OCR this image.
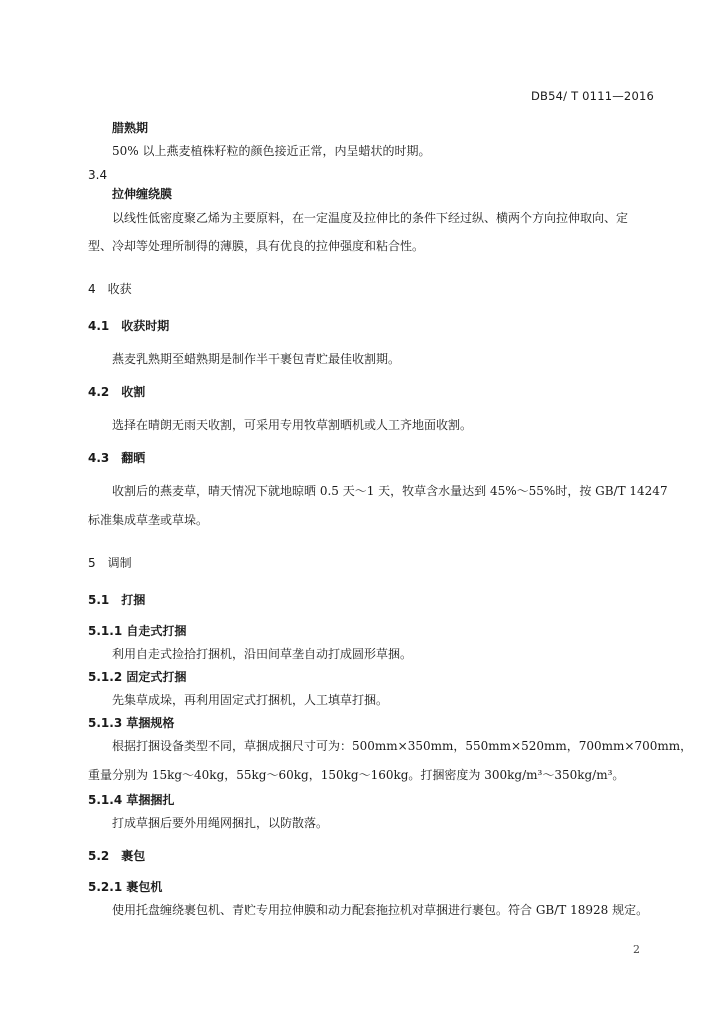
DB54/ T 0111—2016
腊熟期
50% 以上燕麦植株籽粒的颜色接近正常，内呈蜡状的时期。
3.4
拉伸缠绕膜
以线性低密度聚乙烯为主要原料，在一定温度及拉伸比的条件下经过纵、横两个方向拉伸取向、定
型、冷却等处理所制得的薄膜，具有优良的拉伸强度和粘合性。
4　收获
4.1　收获时期
燕麦乳熟期至蜡熟期是制作半干裹包青贮最佳收割期。
4.2　收割
选择在晴朗无雨天收割，可采用专用牧草割晒机或人工齐地面收割。
4.3　翻晒
收割后的燕麦草，晴天情况下就地晾晒 0.5 天～1 天，牧草含水量达到 45%～55%时，按 GB/T 14247
标准集成草垄或草垛。
5　调制
5.1　打捆
5.1.1 自走式打捆
利用自走式捡拾打捆机，沿田间草垄自动打成圆形草捆。
5.1.2 固定式打捆
先集草成垛，再利用固定式打捆机，人工填草打捆。
5.1.3 草捆规格
根据打捆设备类型不同，草捆成捆尺寸可为：500mm×350mm，550mm×520mm，700mm×700mm，
重量分别为 15kg～40kg，55kg～60kg，150kg～160kg。打捆密度为 300kg/m³～350kg/m³。
5.1.4 草捆捆扎
打成草捆后要外用绳网捆扎，以防散落。
5.2　裹包
5.2.1 裹包机
使用托盘缠绕裹包机、青贮专用拉伸膜和动力配套拖拉机对草捆进行裹包。符合 GB/T 18928 规定。
2
